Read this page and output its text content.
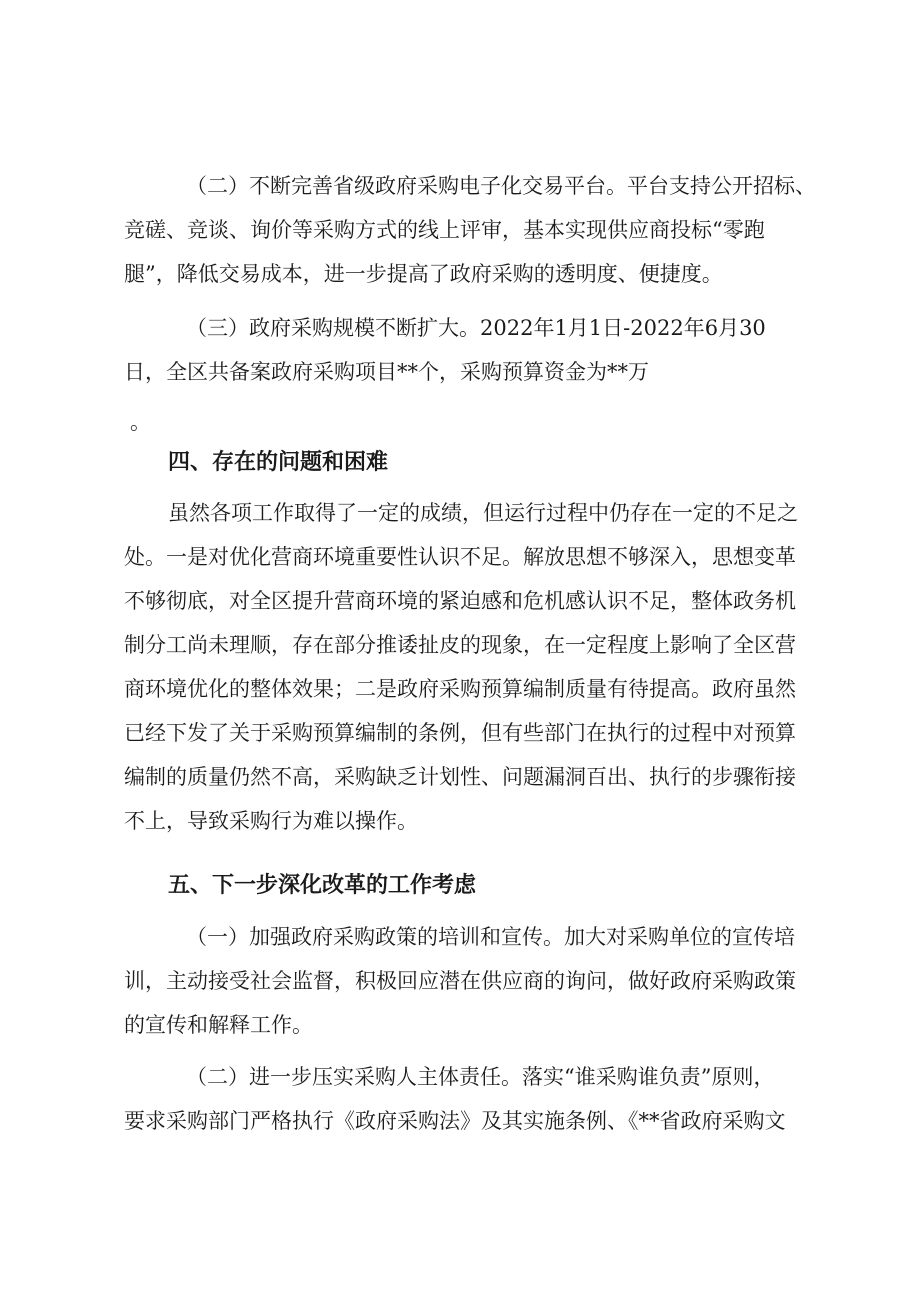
（二）不断完善省级政府采购电子化交易平台。平台支持公开招标、
竞磋、竞谈、询价等采购方式的线上评审，基本实现供应商投标“零跑
腿”，降低交易成本，进一步提高了政府采购的透明度、便捷度。
（三）政府采购规模不断扩大。2022年1月1日-2022年6月30
日，全区共备案政府采购项目**个，采购预算资金为**万
。
四、存在的问题和困难
虽然各项工作取得了一定的成绩，但运行过程中仍存在一定的不足之
处。一是对优化营商环境重要性认识不足。解放思想不够深入，思想变革
不够彻底，对全区提升营商环境的紧迫感和危机感认识不足，整体政务机
制分工尚未理顺，存在部分推诿扯皮的现象，在一定程度上影响了全区营
商环境优化的整体效果；二是政府采购预算编制质量有待提高。政府虽然
已经下发了关于采购预算编制的条例，但有些部门在执行的过程中对预算
编制的质量仍然不高，采购缺乏计划性、问题漏洞百出、执行的步骤衔接
不上，导致采购行为难以操作。
五、下一步深化改革的工作考虑
（一）加强政府采购政策的培训和宣传。加大对采购单位的宣传培
训，主动接受社会监督，积极回应潜在供应商的询问，做好政府采购政策
的宣传和解释工作。
（二）进一步压实采购人主体责任。落实“谁采购谁负责”原则，
要求采购部门严格执行《政府采购法》及其实施条例、《**省政府采购文
